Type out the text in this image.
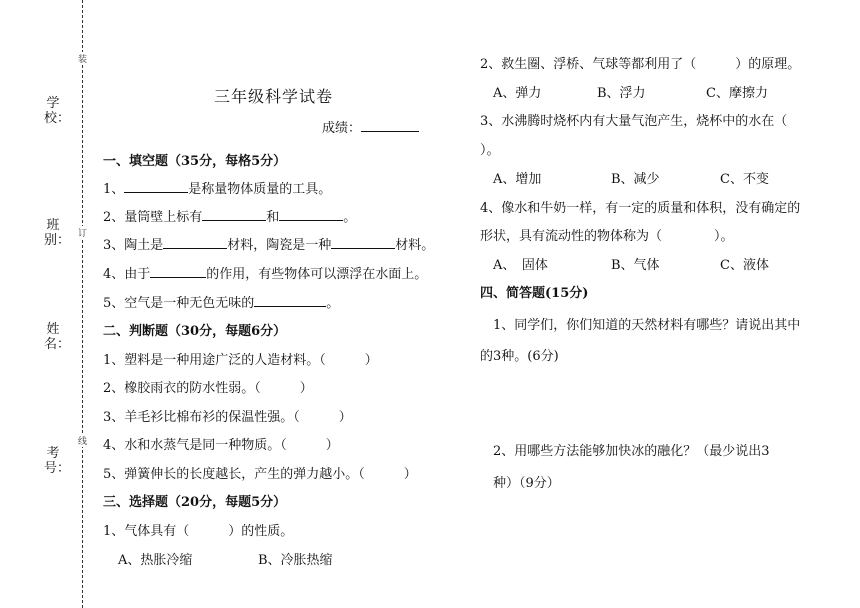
装
订
线
学校：
班别：
姓名：
考号：
三年级科学试卷
成绩：
一、填空题（35分，每格5分）
1、	是称量物体质量的工具。
2、量筒壁上标有	和	。
3、陶土是	材料，陶瓷是一种	材料。
4、由于	的作用，有些物体可以漂浮在水面上。
5、空气是一种无色无味的	。
二、判断题（30分，每题6分）
1、塑料是一种用途广泛的人造材料。（　　　）
2、橡胶雨衣的防水性弱。（　　　）
3、羊毛衫比棉布衫的保温性强。（　　　）
4、水和水蒸气是同一种物质。（　　　）
5、弹簧伸长的长度越长，产生的弹力越小。（　　　）
三、选择题（20分，每题5分）
1、气体具有（　　　）的性质。
A、热胀冷缩	B、冷胀热缩
2、救生圈、浮桥、气球等都利用了（　　　）的原理。
A、弹力	B、浮力	C、摩擦力
3、水沸腾时烧杯内有大量气泡产生，烧杯中的水在（
）。
A、增加	B、减少	C、不变
4、像水和牛奶一样，有一定的质量和体积，没有确定的
形状，具有流动性的物体称为（　　　　）。
A、　固体	B、气体	C、液体
四、简答题(15分)
1、同学们，你们知道的天然材料有哪些？请说出其中
的3种。(6分)
2、用哪些方法能够加快冰的融化？（最少说出3
种）（9分）
